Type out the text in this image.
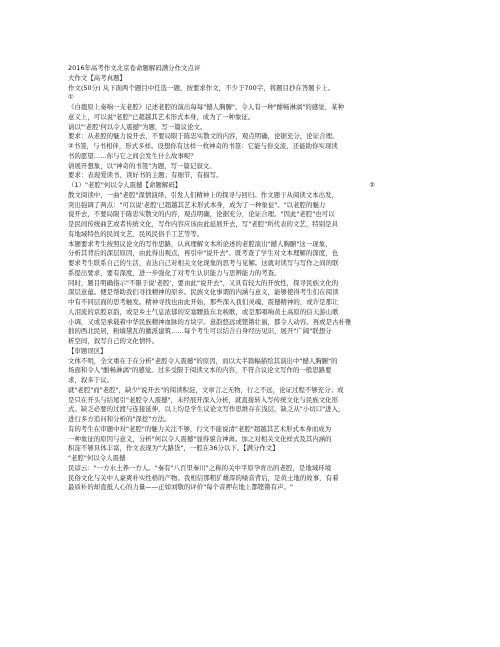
2016年高考作文北京卷命题解码满分作文点评
大作文【高考真题】
作文(50分) 从下面两个题目中任选一题，按要求作文，不少于700字，将题目抄在答题卡上。
①
《白鹿原上奏响一支老腔》记述老腔的演出每每"撼人胸腑"，令人有一种"酣畅淋漓"的感觉，某种
意义上，可以说"老腔"已超越其艺术形式本身，成为了一种象征。
请以"'老腔'何以令人震撼"为题，写一篇议论文。
要求：从老腔的魅力说开去，不要局限于陈忠实散文的内容，观点明确，论据充分，论证合理。
②书签，与书相伴，形式多样。设想你有这样一枚神奇的书签：它能与你交流，还能助你实现读
书的愿望……你与它之间会发生什么故事呢？
请展开想象，以"神奇的书签"为题，写一篇记叙文。
要求：表现爱读书、读好书的主题；有细节，有描写。
（1）"老腔"何以令人震撼【命题解码】	②
散文阅读中，一曲"老腔"深情演绎，引发人们精神上的探寻与回归。作文题干从阅读文本出发，
突出强调了两点："可以说'老腔'已超越其艺术形式本身，成为了一种象征"。"以老腔的魅力
说开去，不要局限于陈忠实散文的内容，观点明确，论据充分，论证合理。"因此"老腔"也可以
是民间传统曲艺或者传统文化，写作内容应该由此延展开去，写"老腔"所代表的文艺，特别是具
有地域特色的民间文艺、民风民俗手工艺等等。
本题要求考生按照议论文的写作思路，认真理解文本所论述的老腔演出"撼人胸腑"这一现象，
分析其背后的深层原因，由此得出观点，再引申"说开去"。既考查了学生对文本理解的深度，也
要求考生联系自己的生活，表达自己对相关文化现象的思考与见解。这就对读写与写作之间的联
系提出要求，要有深度，进一步强化了对考生认识能力与思辨能力的考查。
同时，题目明确指示"不限于说'老腔'，要由此"说开去"，又具有较大的开放性，探寻民族文化的
深层意蕴。便是帮助我们寻找精神的原乡。民族文化事谓的内涵与意义，能够使得考生们在阅读
中有不同层面的思考触发。精神寻找也由此开始，那些深入我们灵魂、震撼精神的，或许是那让
人泪流的京腔京韵，或是乡土气息浓郁的安塞腰鼓东北秧歌，或是那唱响黄土高原的信天游山歌
小调，又或是承载着中华民族精神血脉的方块字。意韵悠远或铿锵壮丽，都令人动容。再或是古朴雅
拙的西北民居，粉墙黛瓦的徽派建筑……每个考生可以结合自身经历见识，展开"广阔"联想分
析空间，叙写自己的文化情怀。
【审题误区】
文体不明，全文重在于在分析"老腔令人震撼"的原因，而以大半篇幅描绘其演出中"撼人胸腑"的
场面和令人"酣畅淋漓"的感觉。过多受限于阅读文本的内容，不符合议论文写作的一般思路要
求，叙多于议。
就"老腔"而"老腔"，缺少"说开去"的阅读积淀，文章言之无物，行之不远，论证过程不够充分；或
是只在开头与结尾引"老腔令人震撼"，未经展开深入分析，就直接转入写传统文化与民族文化形
式。缺乏必要的过渡与连接延伸，以上均是学生议论文写作思维存在浅层，缺乏从"小切口"进入，
进行多方追问和分析的"深挖"方法。
有的考生在审题中对"老腔"的魅力关注不够，行文不能说清"老腔"超越其艺术形式本身而成为
一种象征的原因与意义，分析"何以令人震撼"显得貌合神离。加之对相关文化样式及其内涵的
积淀不够具体丰富，作文表现为"大路货"，一般在36分以下。【满分作文】
"老腔"何以令人震撼
民谚云："一方水土养一方人。"秦有"八百里秦川"之称的关中平原孕育出的老腔，是地域环境
民俗文化与关中人豪爽朴实性格的产物。我相信那粗犷雄浑的嗓音背后，是黄土地的故事，有着
最质朴的却直抵人心的力量——正如刘敬的评价"每个音押在地上都铿锵有声。"
